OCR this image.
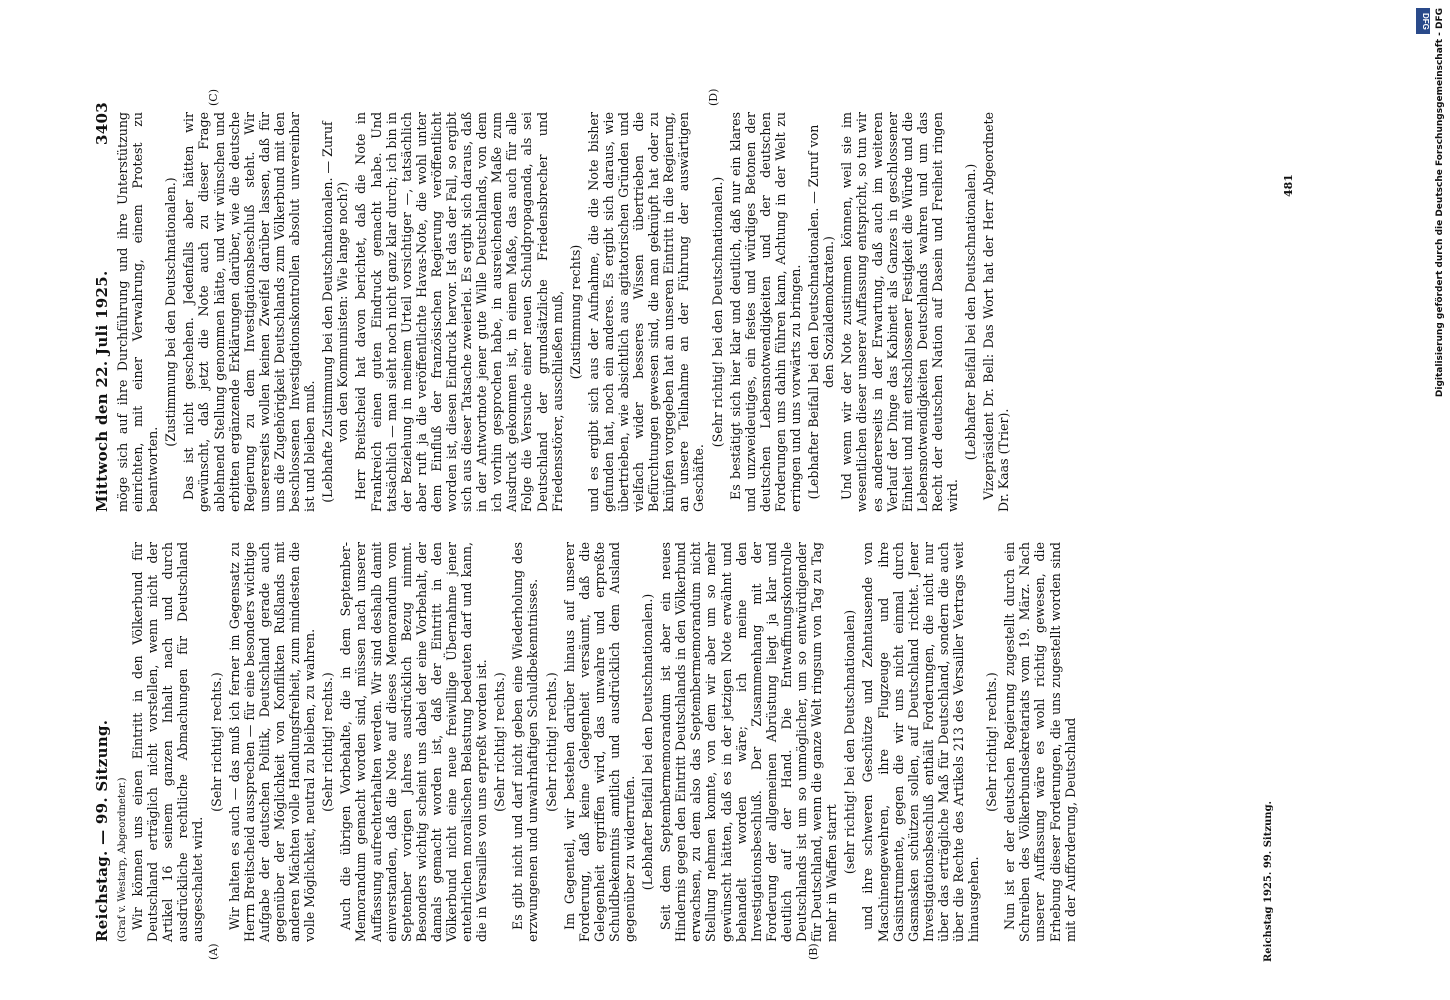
Reichstag. — 99. Sitzung.
Mittwoch den 22. Juli 1925.
3403
(A)	(B)
(C)	(D)

(Graf v. Westarp, Abgeordneter.) Wir können uns einen Eintritt in den Völkerbund für Deutschland erträglich nicht vorstellen, wenn nicht der Artikel 16 seinem ganzen Inhalt nach und durch ausdrückliche rechtliche Abmachungen für Deutschland ausgeschaltet wird.

(Sehr richtig! rechts.) Wir halten es auch — das muß ich ferner im Gegensatz zu Herrn Breitscheid aussprechen — für eine besonders wichtige Aufgabe der deutschen Politik, Deutschland gerade auch gegenüber der Möglichkeit von Konflikten Rußlands mit anderen Mächten volle Handlungsfreiheit, zum mindesten die volle Möglichkeit, neutral zu bleiben, zu wahren. (Sehr richtig! rechts.) Auch die übrigen Vorbehalte, die in dem September-Memorandum gemacht worden sind, müssen nach unserer Auffassung aufrechterhalten werden. Wir sind deshalb damit einverstanden, daß die Note auf dieses Memorandum vom September vorigen Jahres ausdrücklich Bezug nimmt. Besonders wichtig scheint uns dabei der eine Vorbehalt, der damals gemacht worden ist, daß der Eintritt in den Völkerbund nicht eine neue freiwillige Übernahme jener entehrlichen moralischen Belastung bedeuten darf und kann, die in Versailles von uns erpreßt worden ist. (Sehr richtig! rechts.) Es gibt nicht und darf nicht geben eine Wiederholung des erzwungenen und unwahrhaftigen Schuldbekenntnisses. (Sehr richtig! rechts.) Im Gegenteil, wir bestehen darüber hinaus auf unserer Forderung, daß keine Gelegenheit versäumt, daß die Gelegenheit ergriffen wird, das unwahre und erpreßte Schuldbekenntnis amtlich und ausdrücklich dem Ausland gegenüber zu widerrufen. (Lebhafter Beifall bei den Deutschnationalen.) Seit dem Septembermemorandum ist aber ein neues Hindernis gegen den Eintritt Deutschlands in den Völkerbund erwachsen, zu dem also das Septembermemorandum nicht Stellung nehmen konnte, von dem wir aber um so mehr gewünscht hätten, daß es in der jetzigen Note erwähnt und behandelt worden wäre; ich meine den Investigationsbeschluß. Der Zusammenhang mit der Forderung der allgemeinen Abrüstung liegt ja klar und deutlich auf der Hand. Die Entwaffnungskontrolle Deutschlands ist um so unmöglicher, um so entwürdigender für Deutschland, wenn die ganze Welt ringsum von Tag zu Tag mehr in Waffen starrt (sehr richtig! bei den Deutschnationalen) und ihre schweren Geschütze und Zehntausende von Maschinengewehren, ihre Flugzeuge und ihre Gasinstrumente, gegen die wir uns nicht einmal durch Gasmasken schützen sollen, auf Deutschland richtet. Jener Investigationsbeschluß enthält Forderungen, die nicht nur über das erträgliche Maß für Deutschland, sondern die auch über die Rechte des Artikels 213 des Versailler Vertrags weit hinausgehen.

(Sehr richtig! rechts.) Nun ist er der deutschen Regierung zugestellt durch ein Schreiben des Völkerbundsekretariats vom 19. März. Nach unserer Auffassung wäre es wohl richtig gewesen, die Erhebung dieser Forderungen, die uns zugestellt worden sind mit der Aufforderung, Deutschland

möge sich auf ihre Durchführung und ihre Unterstützung einrichten, mit einer Verwahrung, einem Protest zu beantworten.

(Zustimmung bei den Deutschnationalen.) Das ist nicht geschehen. Jedenfalls aber hätten wir gewünscht, daß jetzt die Note auch zu dieser Frage ablehnend Stellung genommen hätte, und wir wünschen und erbitten ergänzende Erklärungen darüber, wie die deutsche Regierung zu dem Investigationsbeschluß steht. Wir unsererseits wollen keinen Zweifel darüber lassen, daß für uns die Zugehörigkeit Deutschlands zum Völkerbund mit den beschlossenen Investigationskontrollen absolut unvereinbar ist und bleiben muß. (Lebhafte Zustimmung bei den Deutschnationalen. — Zuruf von den Kommunisten: Wie lange noch?) Herr Breitscheid hat davon berichtet, daß die Note in Frankreich einen guten Eindruck gemacht habe. Und tatsächlich — man sieht noch nicht ganz klar durch; ich bin in der Beziehung in meinem Urteil vorsichtiger —, tatsächlich aber ruft ja die veröffentlichte Havas-Note, die wohl unter dem Einfluß der französischen Regierung veröffentlicht worden ist, diesen Eindruck hervor. Ist das der Fall, so ergibt sich aus dieser Tatsache zweierlei. Es ergibt sich daraus, daß in der Antwortnote jener gute Wille Deutschlands, von dem ich vorhin gesprochen habe, in ausreichendem Maße zum Ausdruck gekommen ist, in einem Maße, das auch für alle Folge die Versuche einer neuen Schuldpropaganda, als sei Deutschland der grundsätzliche Friedensbrecher und Friedensstörer, ausschließen muß, (Zustimmung rechts) und es ergibt sich aus der Aufnahme, die die Note bisher gefunden hat, noch ein anderes. Es ergibt sich daraus, wie übertrieben, wie absichtlich aus agitatorischen Gründen und vielfach wider besseres Wissen übertrieben die Befürchtungen gewesen sind, die man geknüpft hat oder zu knüpfen vorgegeben hat an unseren Eintritt in die Regierung, an unsere Teilnahme an der Führung der auswärtigen Geschäfte.

(Sehr richtig! bei den Deutschnationalen.) Es bestätigt sich hier klar und deutlich, daß nur ein klares und unzweideutiges, ein festes und würdiges Betonen der deutschen Lebensnotwendigkeiten und der deutschen Forderungen uns dahin führen kann, Achtung in der Welt zu erringen und uns vorwärts zu bringen. (Lebhafter Beifall bei den Deutschnationalen. — Zuruf von den Sozialdemokraten.) Und wenn wir der Note zustimmen können, weil sie im wesentlichen dieser unserer Auffassung entspricht, so tun wir es andererseits in der Erwartung, daß auch im weiteren Verlauf der Dinge das Kabinett als Ganzes in geschlossener Einheit und mit entschlossener Festigkeit die Würde und die Lebensnotwendigkeiten Deutschlands wahren und um das Recht der deutschen Nation auf Dasein und Freiheit ringen wird.

(Lebhafter Beifall bei den Deutschnationalen.) Vizepräsident Dr. Bell: Das Wort hat der Herr Abgeordnete Dr. Kaas (Trier).

Reichstag 1925. 99. Sitzung.
481
DFG Digitalisierung gefördert durch die Deutsche Forschungsgemeinschaft - DFG
